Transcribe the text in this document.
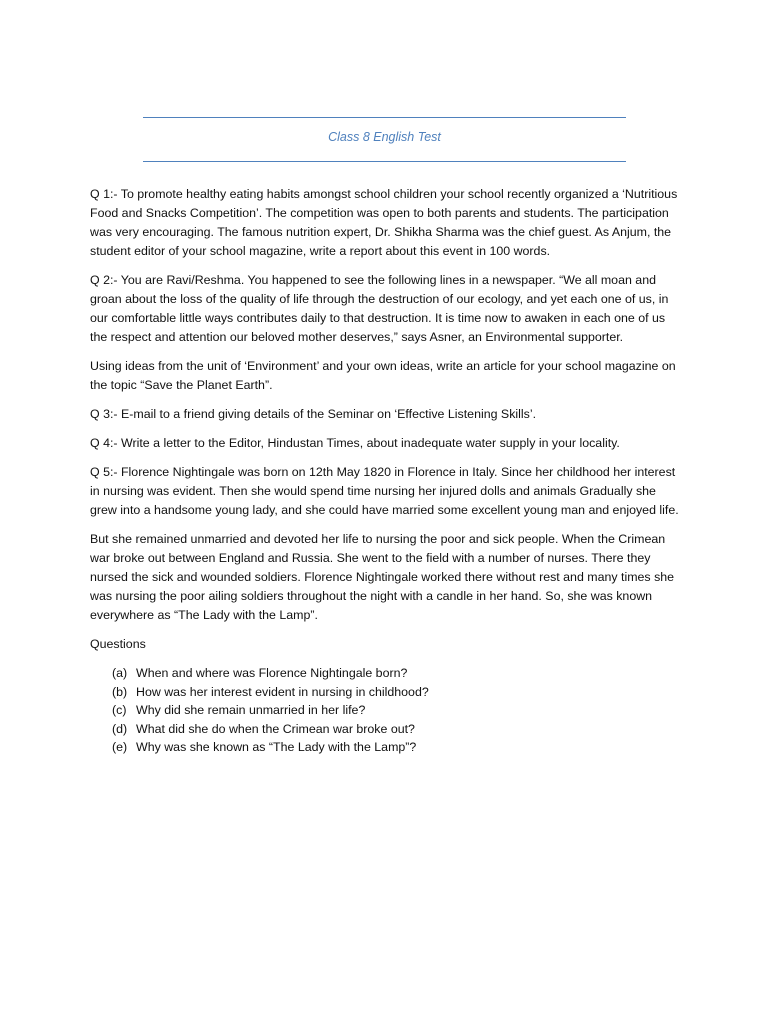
Class 8 English Test

Q 1:- To promote healthy eating habits amongst school children your school recently organized a ‘Nutritious Food and Snacks Competition’. The competition was open to both parents and students. The participation was very encouraging. The famous nutrition expert, Dr. Shikha Sharma was the chief guest. As Anjum, the student editor of your school magazine, write a report about this event in 100 words.

Q 2:- You are Ravi/Reshma. You happened to see the following lines in a newspaper. “We all moan and groan about the loss of the quality of life through the destruction of our ecology, and yet each one of us, in our comfortable little ways contributes daily to that destruction. It is time now to awaken in each one of us the respect and attention our beloved mother deserves,” says Asner, an Environmental supporter.

Using ideas from the unit of ‘Environment’ and your own ideas, write an article for your school magazine on the topic “Save the Planet Earth”.

Q 3:- E-mail to a friend giving details of the Seminar on ‘Effective Listening Skills’.

Q 4:- Write a letter to the Editor, Hindustan Times, about inadequate water supply in your locality.

Q 5:- Florence Nightingale was born on 12th May 1820 in Florence in Italy. Since her childhood her interest in nursing was evident. Then she would spend time nursing her injured dolls and animals Gradually she grew into a handsome young lady, and she could have married some excellent young man and enjoyed life.

But she remained unmarried and devoted her life to nursing the poor and sick people. When the Crimean war broke out between England and Russia. She went to the field with a number of nurses. There they nursed the sick and wounded soldiers. Florence Nightingale worked there without rest and many times she was nursing the poor ailing soldiers throughout the night with a candle in her hand. So, she was known everywhere as “The Lady with the Lamp”.

Questions

(a) When and where was Florence Nightingale born?
(b) How was her interest evident in nursing in childhood?
(c) Why did she remain unmarried in her life?
(d) What did she do when the Crimean war broke out?
(e) Why was she known as “The Lady with the Lamp”?
